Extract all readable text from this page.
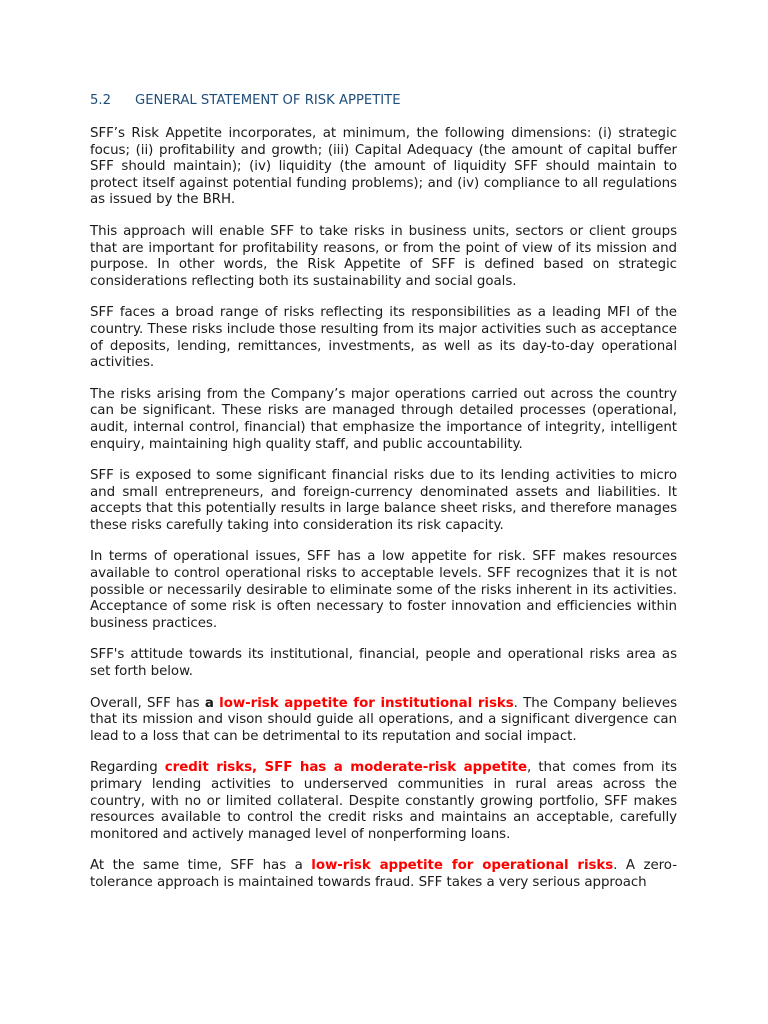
5.2 GENERAL STATEMENT OF RISK APPETITE

SFF’s Risk Appetite incorporates, at minimum, the following dimensions: (i) strategic focus; (ii) profitability and growth; (iii) Capital Adequacy (the amount of capital buffer SFF should maintain); (iv) liquidity (the amount of liquidity SFF should maintain to protect itself against potential funding problems); and (iv) compliance to all regulations as issued by the BRH.

This approach will enable SFF to take risks in business units, sectors or client groups that are important for profitability reasons, or from the point of view of its mission and purpose. In other words, the Risk Appetite of SFF is defined based on strategic considerations reflecting both its sustainability and social goals.

SFF faces a broad range of risks reflecting its responsibilities as a leading MFI of the country. These risks include those resulting from its major activities such as acceptance of deposits, lending, remittances, investments, as well as its day-to-day operational activities.

The risks arising from the Company’s major operations carried out across the country can be significant. These risks are managed through detailed processes (operational, audit, internal control, financial) that emphasize the importance of integrity, intelligent enquiry, maintaining high quality staff, and public accountability.

SFF is exposed to some significant financial risks due to its lending activities to micro and small entrepreneurs, and foreign-currency denominated assets and liabilities. It accepts that this potentially results in large balance sheet risks, and therefore manages these risks carefully taking into consideration its risk capacity.

In terms of operational issues, SFF has a low appetite for risk. SFF makes resources available to control operational risks to acceptable levels. SFF recognizes that it is not possible or necessarily desirable to eliminate some of the risks inherent in its activities. Acceptance of some risk is often necessary to foster innovation and efficiencies within business practices.

SFF's attitude towards its institutional, financial, people and operational risks area as set forth below.

Overall, SFF has a low-risk appetite for institutional risks. The Company believes that its mission and vison should guide all operations, and a significant divergence can lead to a loss that can be detrimental to its reputation and social impact.

Regarding credit risks, SFF has a moderate-risk appetite, that comes from its primary lending activities to underserved communities in rural areas across the country, with no or limited collateral. Despite constantly growing portfolio, SFF makes resources available to control the credit risks and maintains an acceptable, carefully monitored and actively managed level of nonperforming loans.

At the same time, SFF has a low-risk appetite for operational risks. A zero-tolerance approach is maintained towards fraud. SFF takes a very serious approach
